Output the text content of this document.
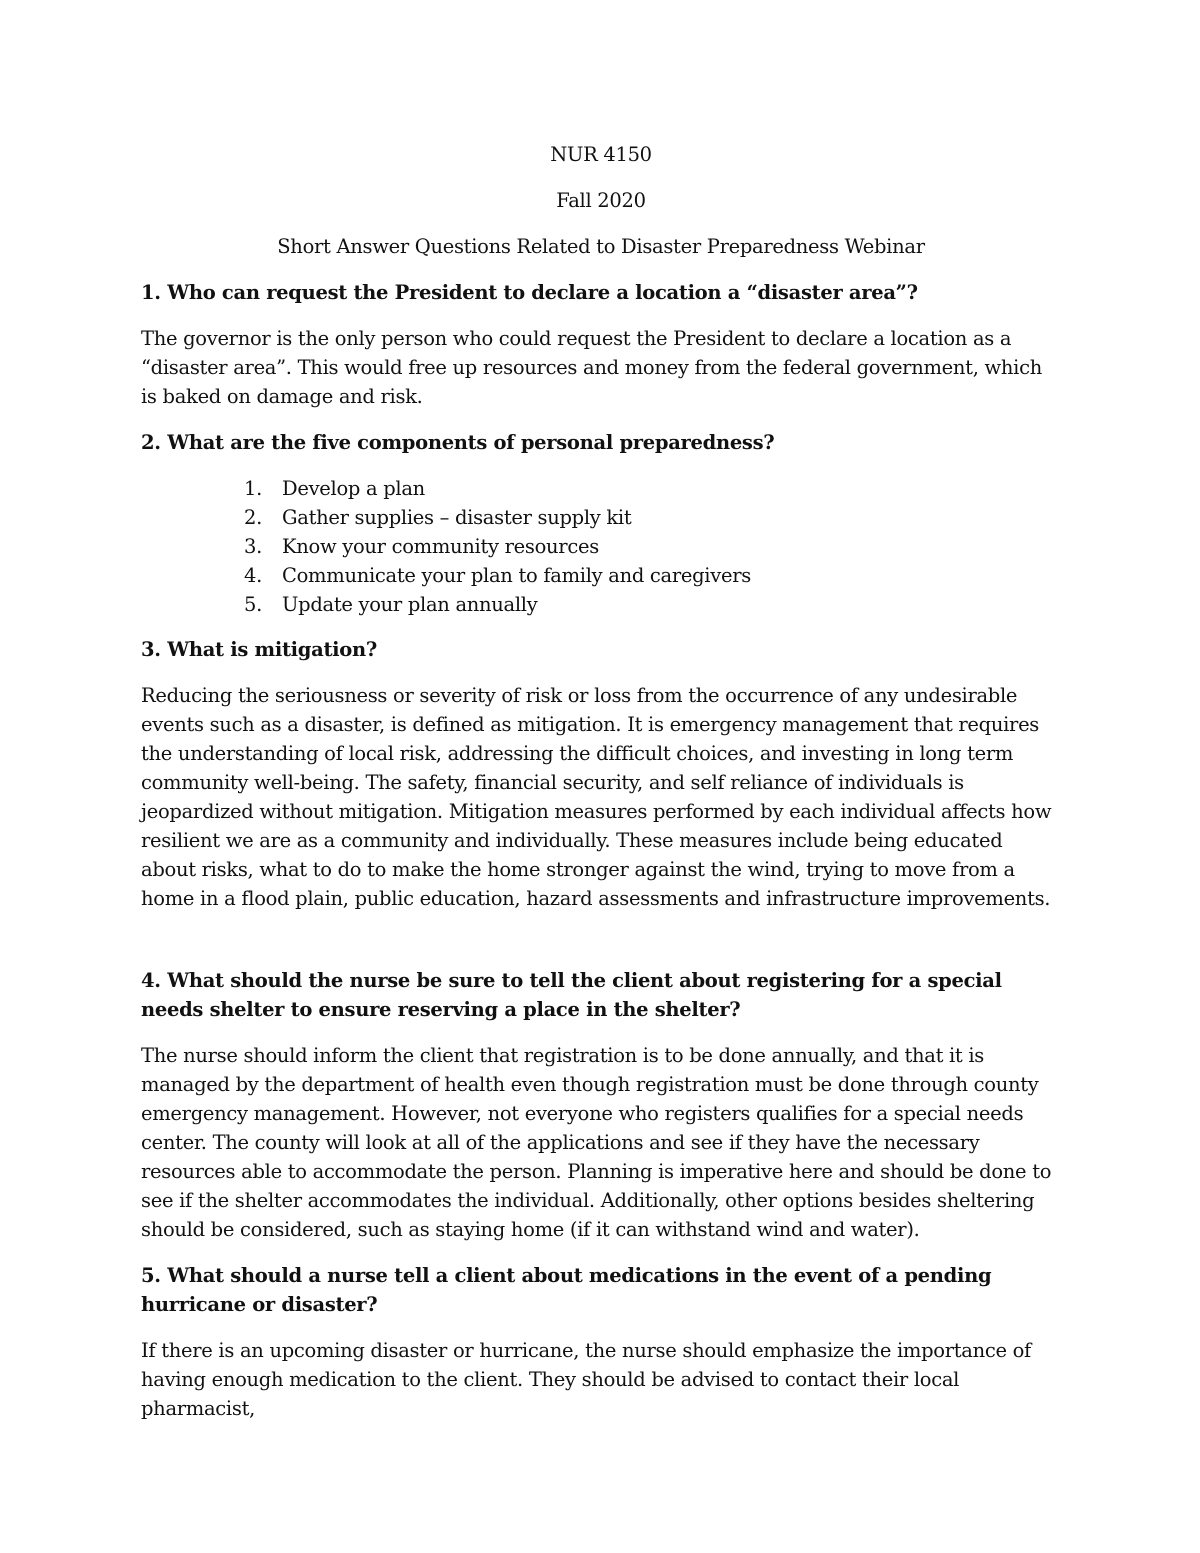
NUR 4150

Fall 2020

Short Answer Questions Related to Disaster Preparedness Webinar

1. Who can request the President to declare a location a “disaster area”?

The governor is the only person who could request the President to declare a location as a “disaster area”. This would free up resources and money from the federal government, which is baked on damage and risk.

2. What are the five components of personal preparedness?

1.	Develop a plan
2.	Gather supplies – disaster supply kit
3.	Know your community resources
4.	Communicate your plan to family and caregivers
5.	Update your plan annually

3. What is mitigation?

Reducing the seriousness or severity of risk or loss from the occurrence of any undesirable events such as a disaster, is defined as mitigation. It is emergency management that requires the understanding of local risk, addressing the difficult choices, and investing in long term community well-being. The safety, financial security, and self reliance of individuals is jeopardized without mitigation. Mitigation measures performed by each individual affects how resilient we are as a community and individually. These measures include being educated about risks, what to do to make the home stronger against the wind, trying to move from a home in a flood plain, public education, hazard assessments and infrastructure improvements.

4. What should the nurse be sure to tell the client about registering for a special needs shelter to ensure reserving a place in the shelter?

The nurse should inform the client that registration is to be done annually, and that it is managed by the department of health even though registration must be done through county emergency management. However, not everyone who registers qualifies for a special needs center. The county will look at all of the applications and see if they have the necessary resources able to accommodate the person. Planning is imperative here and should be done to see if the shelter accommodates the individual. Additionally, other options besides sheltering should be considered, such as staying home (if it can withstand wind and water).

5. What should a nurse tell a client about medications in the event of a pending hurricane or disaster?

If there is an upcoming disaster or hurricane, the nurse should emphasize the importance of having enough medication to the client. They should be advised to contact their local pharmacist,
